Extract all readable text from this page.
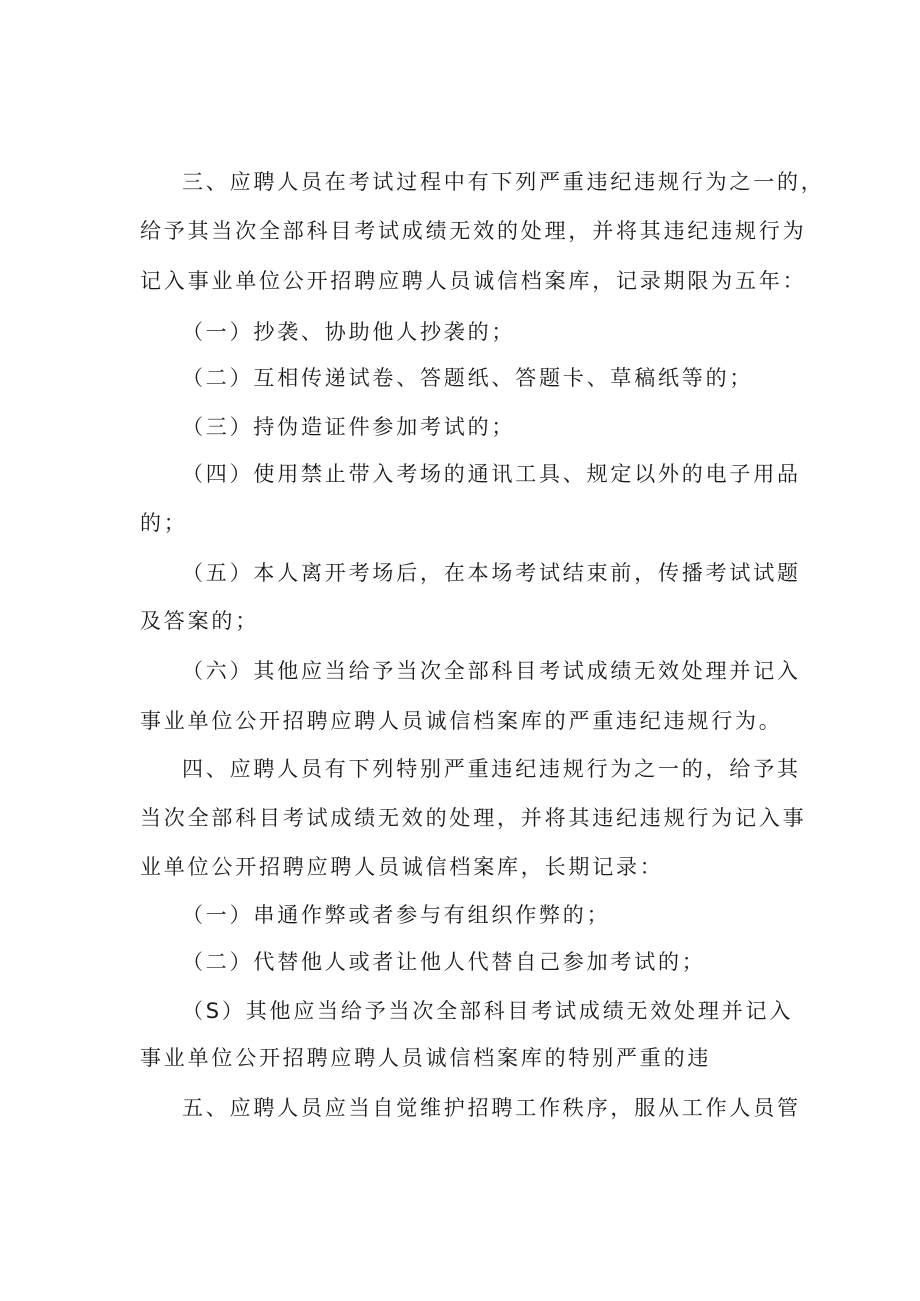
三、应聘人员在考试过程中有下列严重违纪违规行为之一的，
给予其当次全部科目考试成绩无效的处理，并将其违纪违规行为
记入事业单位公开招聘应聘人员诚信档案库，记录期限为五年：
（一）抄袭、协助他人抄袭的；
（二）互相传递试卷、答题纸、答题卡、草稿纸等的；
（三）持伪造证件参加考试的；
（四）使用禁止带入考场的通讯工具、规定以外的电子用品
的；
（五）本人离开考场后，在本场考试结束前，传播考试试题
及答案的；
（六）其他应当给予当次全部科目考试成绩无效处理并记入
事业单位公开招聘应聘人员诚信档案库的严重违纪违规行为。
四、应聘人员有下列特别严重违纪违规行为之一的，给予其
当次全部科目考试成绩无效的处理，并将其违纪违规行为记入事
业单位公开招聘应聘人员诚信档案库，长期记录：
（一）串通作弊或者参与有组织作弊的；
（二）代替他人或者让他人代替自己参加考试的；
（S）其他应当给予当次全部科目考试成绩无效处理并记入
事业单位公开招聘应聘人员诚信档案库的特别严重的违
五、应聘人员应当自觉维护招聘工作秩序，服从工作人员管
